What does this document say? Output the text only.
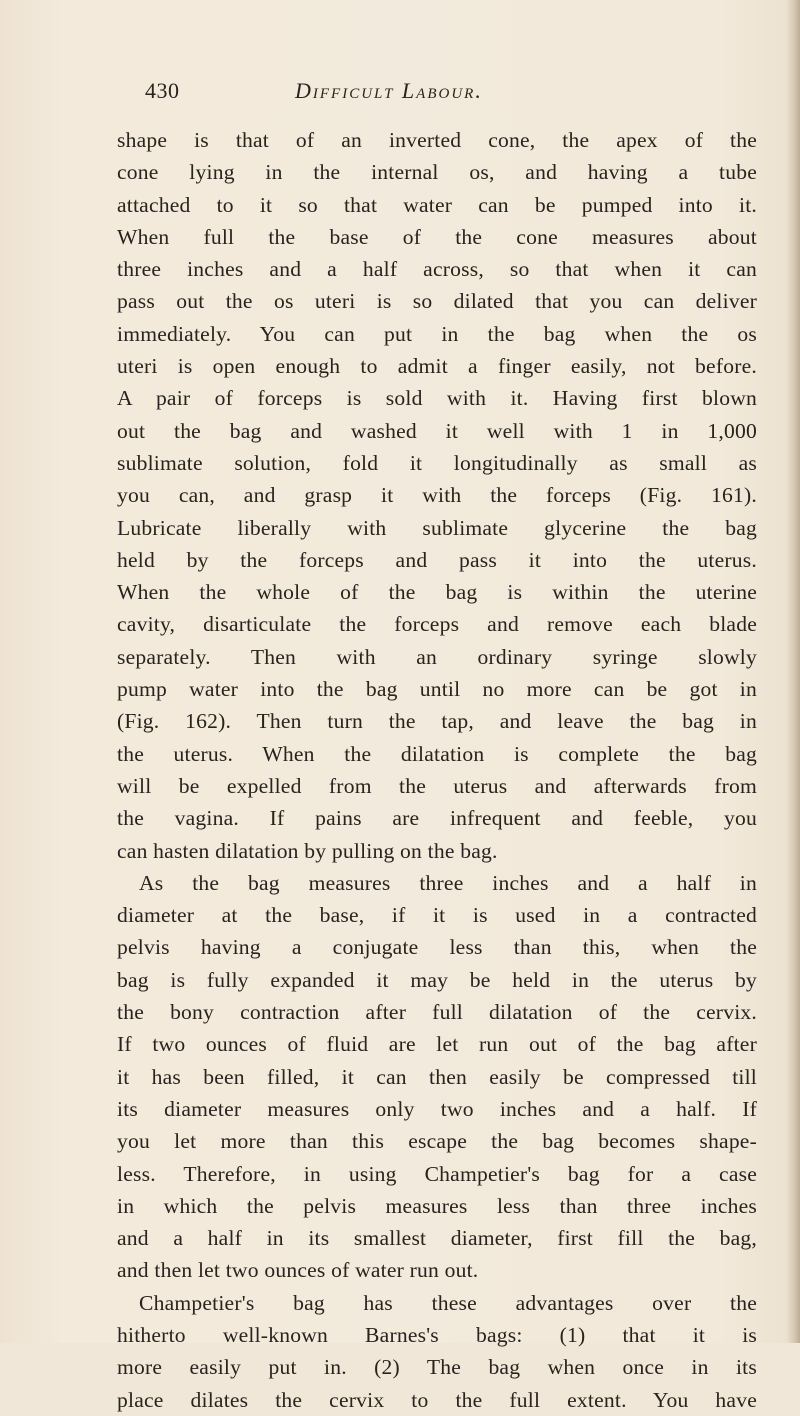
430	Difficult Labour.
shape is that of an inverted cone, the apex of the
cone lying in the internal os, and having a tube
attached to it so that water can be pumped into it.
When full the base of the cone measures about
three inches and a half across, so that when it can
pass out the os uteri is so dilated that you can deliver
immediately. You can put in the bag when the os
uteri is open enough to admit a finger easily, not before.
A pair of forceps is sold with it. Having first blown
out the bag and washed it well with 1 in 1,000
sublimate solution, fold it longitudinally as small as
you can, and grasp it with the forceps (Fig. 161).
Lubricate liberally with sublimate glycerine the bag
held by the forceps and pass it into the uterus.
When the whole of the bag is within the uterine
cavity, disarticulate the forceps and remove each blade
separately. Then with an ordinary syringe slowly
pump water into the bag until no more can be got in
(Fig. 162). Then turn the tap, and leave the bag in
the uterus. When the dilatation is complete the bag
will be expelled from the uterus and afterwards from
the vagina. If pains are infrequent and feeble, you
can hasten dilatation by pulling on the bag.
As the bag measures three inches and a half in
diameter at the base, if it is used in a contracted
pelvis having a conjugate less than this, when the
bag is fully expanded it may be held in the uterus by
the bony contraction after full dilatation of the cervix.
If two ounces of fluid are let run out of the bag after
it has been filled, it can then easily be compressed till
its diameter measures only two inches and a half. If
you let more than this escape the bag becomes shape-
less. Therefore, in using Champetier's bag for a case
in which the pelvis measures less than three inches
and a half in its smallest diameter, first fill the bag,
and then let two ounces of water run out.
Champetier's bag has these advantages over the
hitherto well-known Barnes's bags: (1) that it is
more easily put in. (2) The bag when once in its
place dilates the cervix to the full extent. You have
